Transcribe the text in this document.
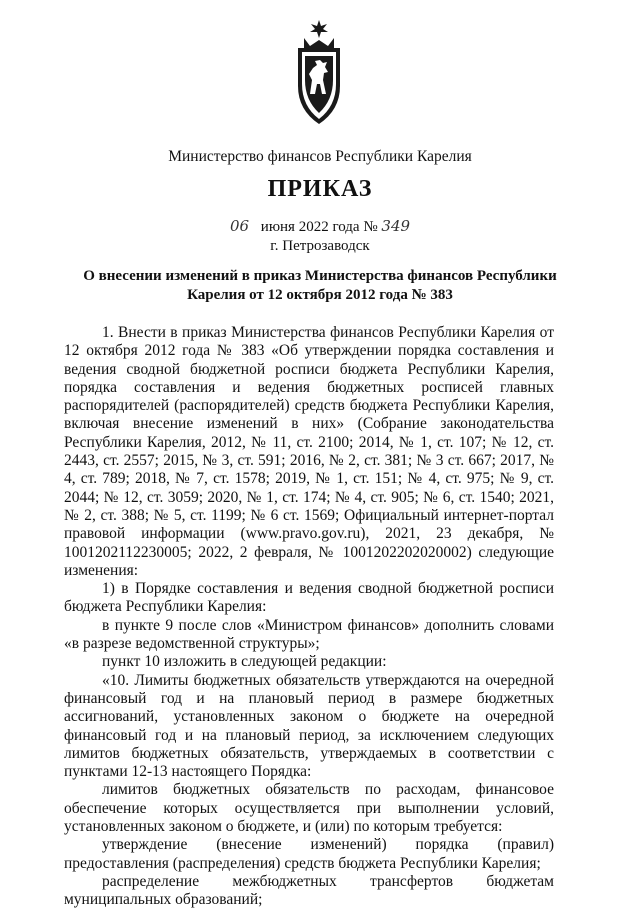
Министерство финансов Республики Карелия
ПРИКАЗ
06 июня 2022 года № 349
г. Петрозаводск
О внесении изменений в приказ Министерства финансов Республики Карелия от 12 октября 2012 года № 383

1. Внести в приказ Министерства финансов Республики Карелия от 12 октября 2012 года № 383 «Об утверждении порядка составления и ведения сводной бюджетной росписи бюджета Республики Карелия, порядка составления и ведения бюджетных росписей главных распорядителей (распорядителей) средств бюджета Республики Карелия, включая внесение изменений в них» (Собрание законодательства Республики Карелия, 2012, № 11, ст. 2100; 2014, № 1, ст. 107; № 12, ст. 2443, ст. 2557; 2015, № 3, ст. 591; 2016, № 2, ст. 381; № 3 ст. 667; 2017, № 4, ст. 789; 2018, № 7, ст. 1578; 2019, № 1, ст. 151; № 4, ст. 975; № 9, ст. 2044; № 12, ст. 3059; 2020, № 1, ст. 174; № 4, ст. 905; № 6, ст. 1540; 2021, № 2, ст. 388; № 5, ст. 1199; № 6 ст. 1569; Официальный интернет-портал правовой информации (www.pravo.gov.ru), 2021, 23 декабря, № 1001202112230005; 2022, 2 февраля, № 1001202202020002) следующие изменения:

1) в Порядке составления и ведения сводной бюджетной росписи бюджета Республики Карелия:

в пункте 9 после слов «Министром финансов» дополнить словами «в разрезе ведомственной структуры»;

пункт 10 изложить в следующей редакции:

«10. Лимиты бюджетных обязательств утверждаются на очередной финансовый год и на плановый период в размере бюджетных ассигнований, установленных законом о бюджете на очередной финансовый год и на плановый период, за исключением следующих лимитов бюджетных обязательств, утверждаемых в соответствии с пунктами 12-13 настоящего Порядка:

лимитов бюджетных обязательств по расходам, финансовое обеспечение которых осуществляется при выполнении условий, установленных законом о бюджете, и (или) по которым требуется:

утверждение (внесение изменений) порядка (правил) предоставления (распределения) средств бюджета Республики Карелия;

распределение межбюджетных трансфертов бюджетам муниципальных образований;
